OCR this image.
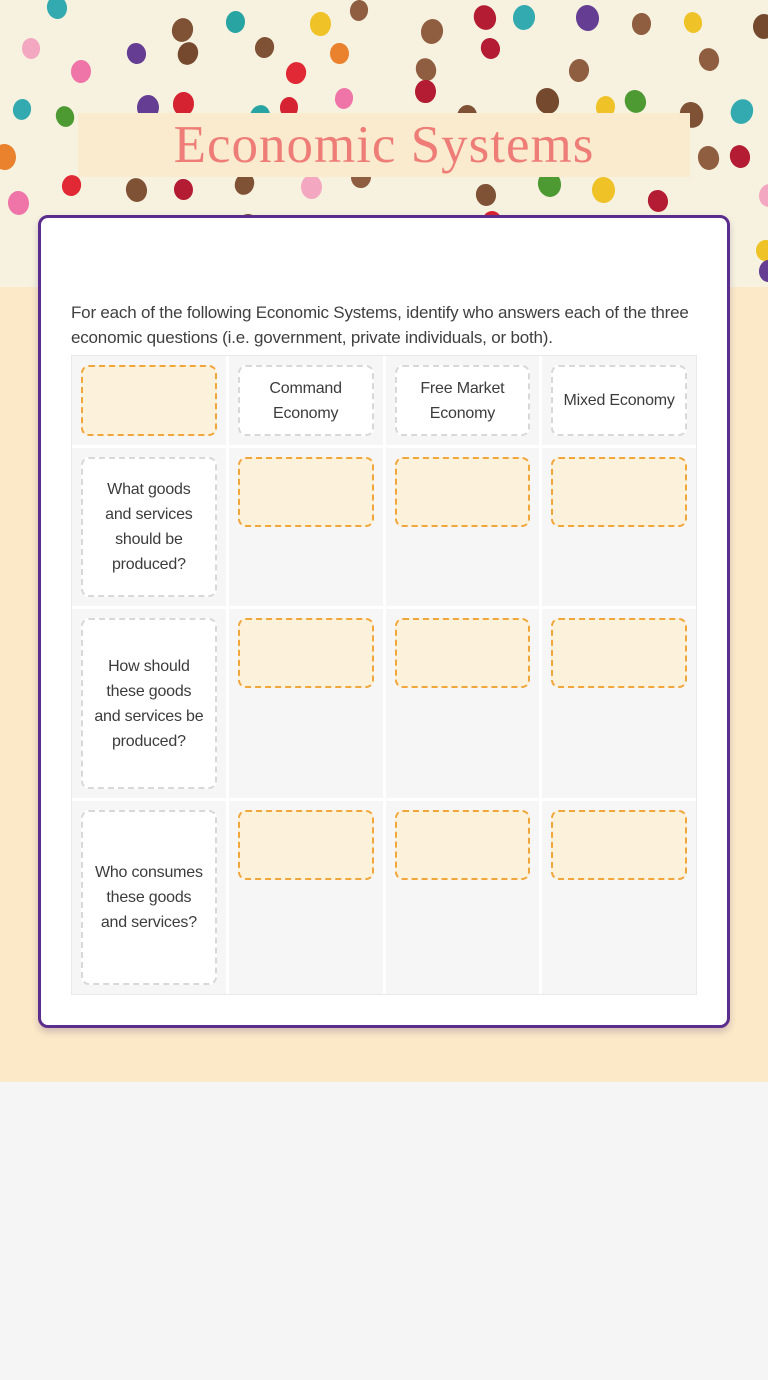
Economic Systems

For each of the following Economic Systems, identify who answers each of the three economic questions (i.e. government, private individuals, or both).

Command Economy
Free Market Economy
Mixed Economy
What goods and services should be produced?
How should these goods and services be produced?
Who consumes these goods and services?
